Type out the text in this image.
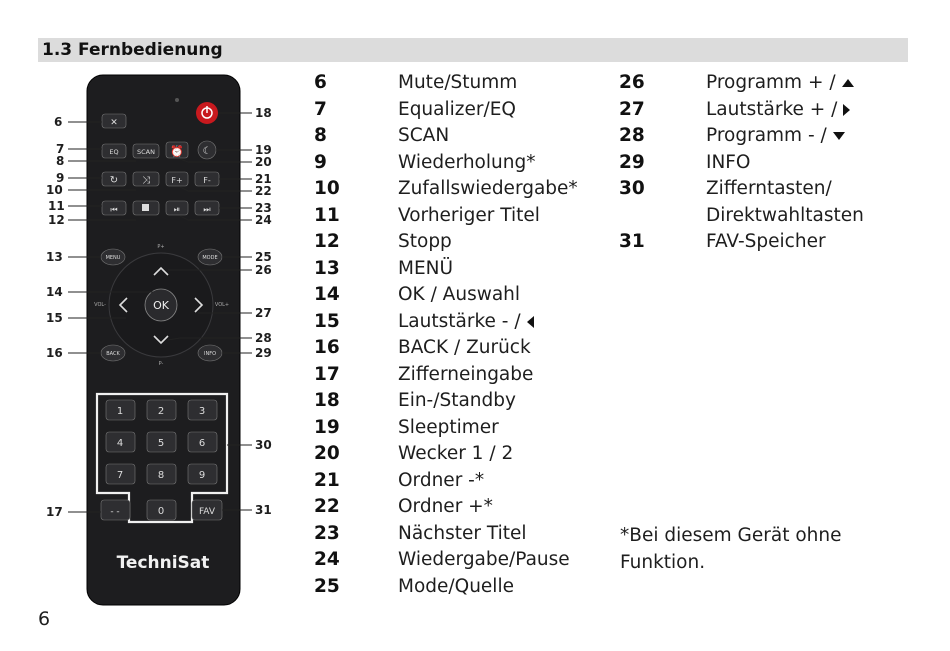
1.3 Fernbedienung
✕
EQ	SCAN ⏰ ☾
↻ ⤨	F+	F-
⏮	⏯	⏭
MENU	MODE
P+
P-
VOL-	VOL+
OK
BACK	INFO
1	2	3
4	5	6
7	8	9
0
- -	FAV
TechniSat
6
7
8
9
10
11
12
13
14
15
16
17
18
19
20
21
22
23
24
25
26
27
28
29
30
31
6	Mute/Stumm
7	Equalizer/EQ
8	SCAN
9	Wiederholung*
10	Zufallswiedergabe*
11	Vorheriger Titel
12	Stopp
13	MENÜ
14	OK / Auswahl
15	Lautstärke - /
16	BACK / Zurück
17	Zifferneingabe
18	Ein-/Standby
19	Sleeptimer
20	Wecker 1 / 2
21	Ordner -*
22	Ordner +*
23	Nächster Titel
24	Wiedergabe/Pause
25	Mode/Quelle
26	Programm + /
27	Lautstärke + /
28	Programm - /
29	INFO
30	Zifferntasten/
Direktwahltasten
31	FAV-Speicher
*Bei diesem Gerät ohne Funktion.
6
